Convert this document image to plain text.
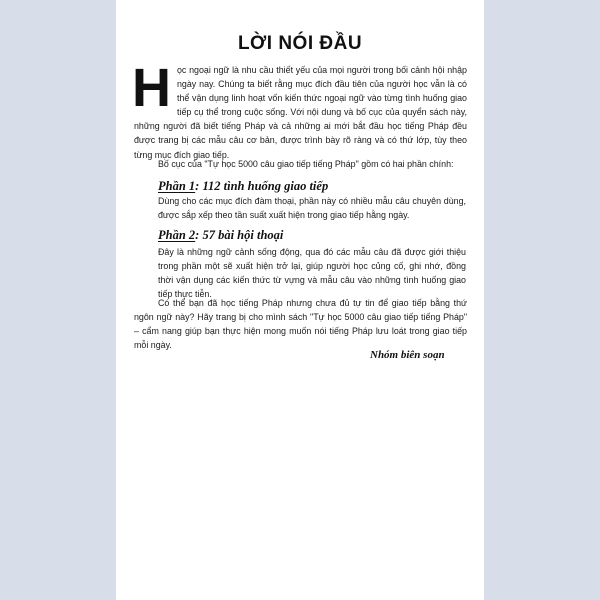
LỜI NÓI ĐẦU
Học ngoại ngữ là nhu cầu thiết yếu của mọi người trong bối cảnh hội nhập ngày nay. Chúng ta biết rằng mục đích đầu tiên của người học vẫn là có thể vận dụng linh hoạt vốn kiến thức ngoại ngữ vào từng tình huống giao tiếp cụ thể trong cuộc sống. Với nội dung và bố cục của quyển sách này, những người đã biết tiếng Pháp và cả những ai mới bắt đầu học tiếng Pháp đều được trang bị các mẫu câu cơ bản, được trình bày rõ ràng và có thứ lớp, tùy theo từng mục đích giao tiếp.
Bố cục của "Tự học 5000 câu giao tiếp tiếng Pháp" gồm có hai phần chính:
Phần 1: 112 tình huống giao tiếp
Dùng cho các mục đích đàm thoại, phần này có nhiều mẫu câu chuyên dùng, được sắp xếp theo tần suất xuất hiện trong giao tiếp hằng ngày.
Phần 2: 57 bài hội thoại
Đây là những ngữ cảnh sống động, qua đó các mẫu câu đã được giới thiệu trong phần một sẽ xuất hiện trở lại, giúp người học củng cố, ghi nhớ, đồng thời vận dụng các kiến thức từ vựng và mẫu câu vào những tình huống giao tiếp thực tiễn.
Có thể bạn đã học tiếng Pháp nhưng chưa đủ tự tin để giao tiếp bằng thứ ngôn ngữ này? Hãy trang bị cho mình sách "Tự học 5000 câu giao tiếp tiếng Pháp" – cẩm nang giúp bạn thực hiện mong muốn nói tiếng Pháp lưu loát trong giao tiếp mỗi ngày.
Nhóm biên soạn
